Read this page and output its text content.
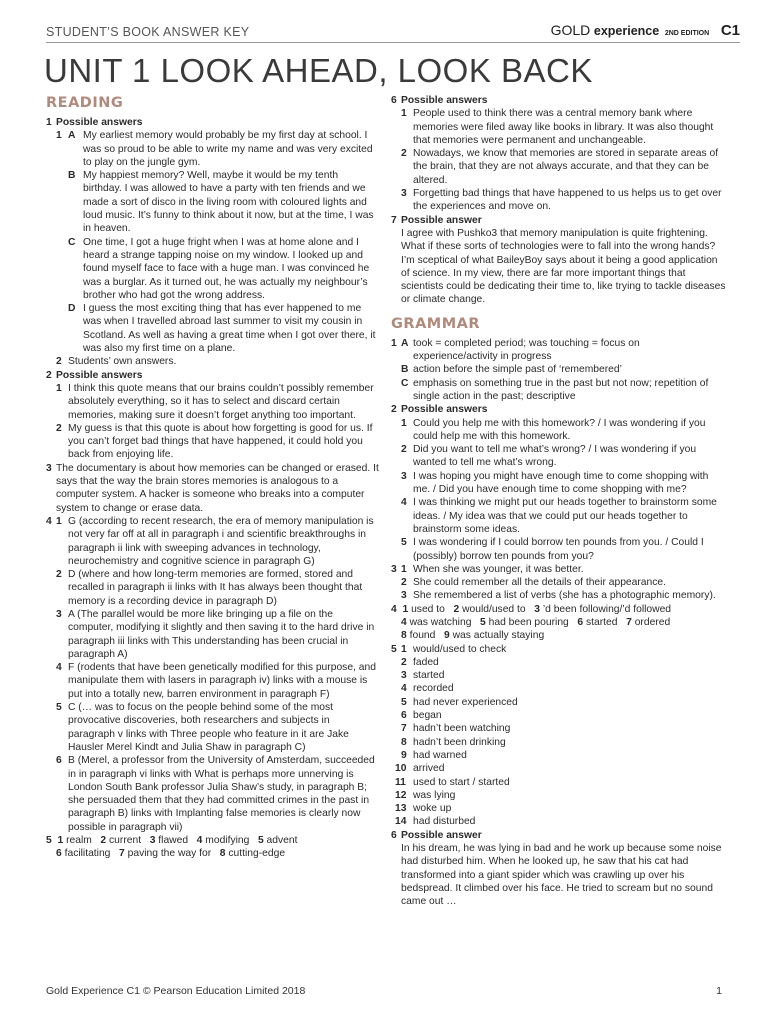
STUDENT’S BOOK ANSWER KEY	GOLD experience 2ND EDITION C1
UNIT 1 LOOK AHEAD, LOOK BACK
READING
1 Possible answers
1 A My earliest memory would probably be my first day at school. I was so proud to be able to write my name and was very excited to play on the jungle gym.
B My happiest memory? Well, maybe it would be my tenth birthday. I was allowed to have a party with ten friends and we made a sort of disco in the living room with coloured lights and loud music. It’s funny to think about it now, but at the time, I was in heaven.
C One time, I got a huge fright when I was at home alone and I heard a strange tapping noise on my window. I looked up and found myself face to face with a huge man. I was convinced he was a burglar. As it turned out, he was actually my neighbour’s brother who had got the wrong address.
D I guess the most exciting thing that has ever happened to me was when I travelled abroad last summer to visit my cousin in Scotland. As well as having a great time when I got over there, it was also my first time on a plane.
2 Students’ own answers.
2 Possible answers
1 I think this quote means that our brains couldn’t possibly remember absolutely everything, so it has to select and discard certain memories, making sure it doesn’t forget anything too important.
2 My guess is that this quote is about how forgetting is good for us. If you can’t forget bad things that have happened, it could hold you back from enjoying life.
3 The documentary is about how memories can be changed or erased. It says that the way the brain stores memories is analogous to a computer system. A hacker is someone who breaks into a computer system to change or erase data.
4 1 G (according to recent research, the era of memory manipulation is not very far off at all in paragraph i and scientific breakthroughs in paragraph ii link with sweeping advances in technology, neurochemistry and cognitive science in paragraph G)
2 D (where and how long-term memories are formed, stored and recalled in paragraph ii links with It has always been thought that memory is a recording device in paragraph D)
3 A (The parallel would be more like bringing up a file on the computer, modifying it slightly and then saving it to the hard drive in paragraph iii links with This understanding has been crucial in paragraph A)
4 F (rodents that have been genetically modified for this purpose, and manipulate them with lasers in paragraph iv) links with a mouse is put into a totally new, barren environment in paragraph F)
5 C (… was to focus on the people behind some of the most provocative discoveries, both researchers and subjects in paragraph v links with Three people who feature in it are Jake Hausler Merel Kindt and Julia Shaw in paragraph C)
6 B (Merel, a professor from the University of Amsterdam, succeeded in in paragraph vi links with What is perhaps more unnerving is London South Bank professor Julia Shaw’s study, in paragraph B; she persuaded them that they had committed crimes in the past in paragraph B) links with Implanting false memories is clearly now possible in paragraph vii)
5 1 realm 2 current 3 flawed 4 modifying 5 advent
6 facilitating 7 paving the way for 8 cutting-edge
6 Possible answers
1 People used to think there was a central memory bank where memories were filed away like books in library. It was also thought that memories were permanent and unchangeable.
2 Nowadays, we know that memories are stored in separate areas of the brain, that they are not always accurate, and that they can be altered.
3 Forgetting bad things that have happened to us helps us to get over the experiences and move on.
7 Possible answer
I agree with Pushko3 that memory manipulation is quite frightening. What if these sorts of technologies were to fall into the wrong hands? I’m sceptical of what BaileyBoy says about it being a good application of science. In my view, there are far more important things that scientists could be dedicating their time to, like trying to tackle diseases or climate change.
GRAMMAR
1 A took = completed period; was touching = focus on experience/activity in progress
B action before the simple past of ‘remembered’
C emphasis on something true in the past but not now; repetition of single action in the past; descriptive
2 Possible answers
1 Could you help me with this homework? / I was wondering if you could help me with this homework.
2 Did you want to tell me what’s wrong? / I was wondering if you wanted to tell me what’s wrong.
3 I was hoping you might have enough time to come shopping with me. / Did you have enough time to come shopping with me?
4 I was thinking we might put our heads together to brainstorm some ideas. / My idea was that we could put our heads together to brainstorm some ideas.
5 I was wondering if I could borrow ten pounds from you. / Could I (possibly) borrow ten pounds from you?
3 1 When she was younger, it was better.
2 She could remember all the details of their appearance.
3 She remembered a list of verbs (she has a photographic memory).
4 1 used to 2 would/used to 3 ’d been following/’d followed
4 was watching 5 had been pouring 6 started 7 ordered
8 found 9 was actually staying
5 1 would/used to check
2 faded
3 started
4 recorded
5 had never experienced
6 began
7 hadn’t been watching
8 hadn’t been drinking
9 had warned
10 arrived
11 used to start / started
12 was lying
13 woke up
14 had disturbed
6 Possible answer
In his dream, he was lying in bad and he work up because some noise had disturbed him. When he looked up, he saw that his cat had transformed into a giant spider which was crawling up over his bedspread. It climbed over his face. He tried to scream but no sound came out …
Gold Experience C1 © Pearson Education Limited 2018	1
